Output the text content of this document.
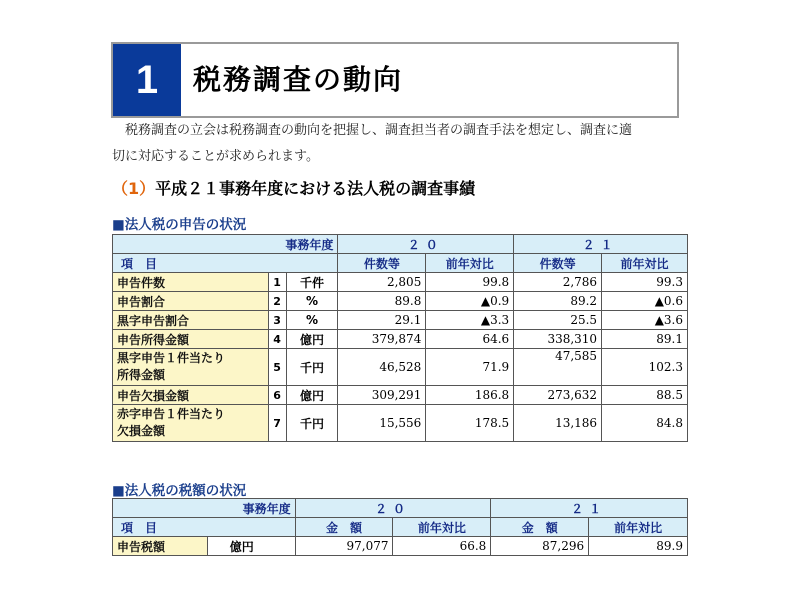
1	税務調査の動向

税務調査の立会は税務調査の動向を把握し、調査担当者の調査手法を想定し、調査に適

切に対応することが求められます。
（1）平成２１事務年度における法人税の調査事績
■法人税の申告の状況
事務年度			２０		２１	
項　目			件数等	前年対比	件数等	前年対比
申告件数	1	千件	2,805	99.8	2,786	99.3
申告割合	2	%	89.8	▲0.9	89.2	▲0.6
黒字申告割合	3	%	29.1	▲3.3	25.5	▲3.6
申告所得金額	4	億円	379,874	64.6	338,310	89.1

黒字申告１件当たり
所得金額	5	千円	46,528	71.9	47,585	102.3
申告欠損金額	6	億円	309,291	186.8	273,632	88.5

赤字申告１件当たり
欠損金額	7	千円	15,556	178.5	13,186	84.8
■法人税の税額の状況
事務年度		２０		２１	
項　目		金　額	前年対比	金　額	前年対比
申告税額	億円	97,077	66.8	87,296	89.9
